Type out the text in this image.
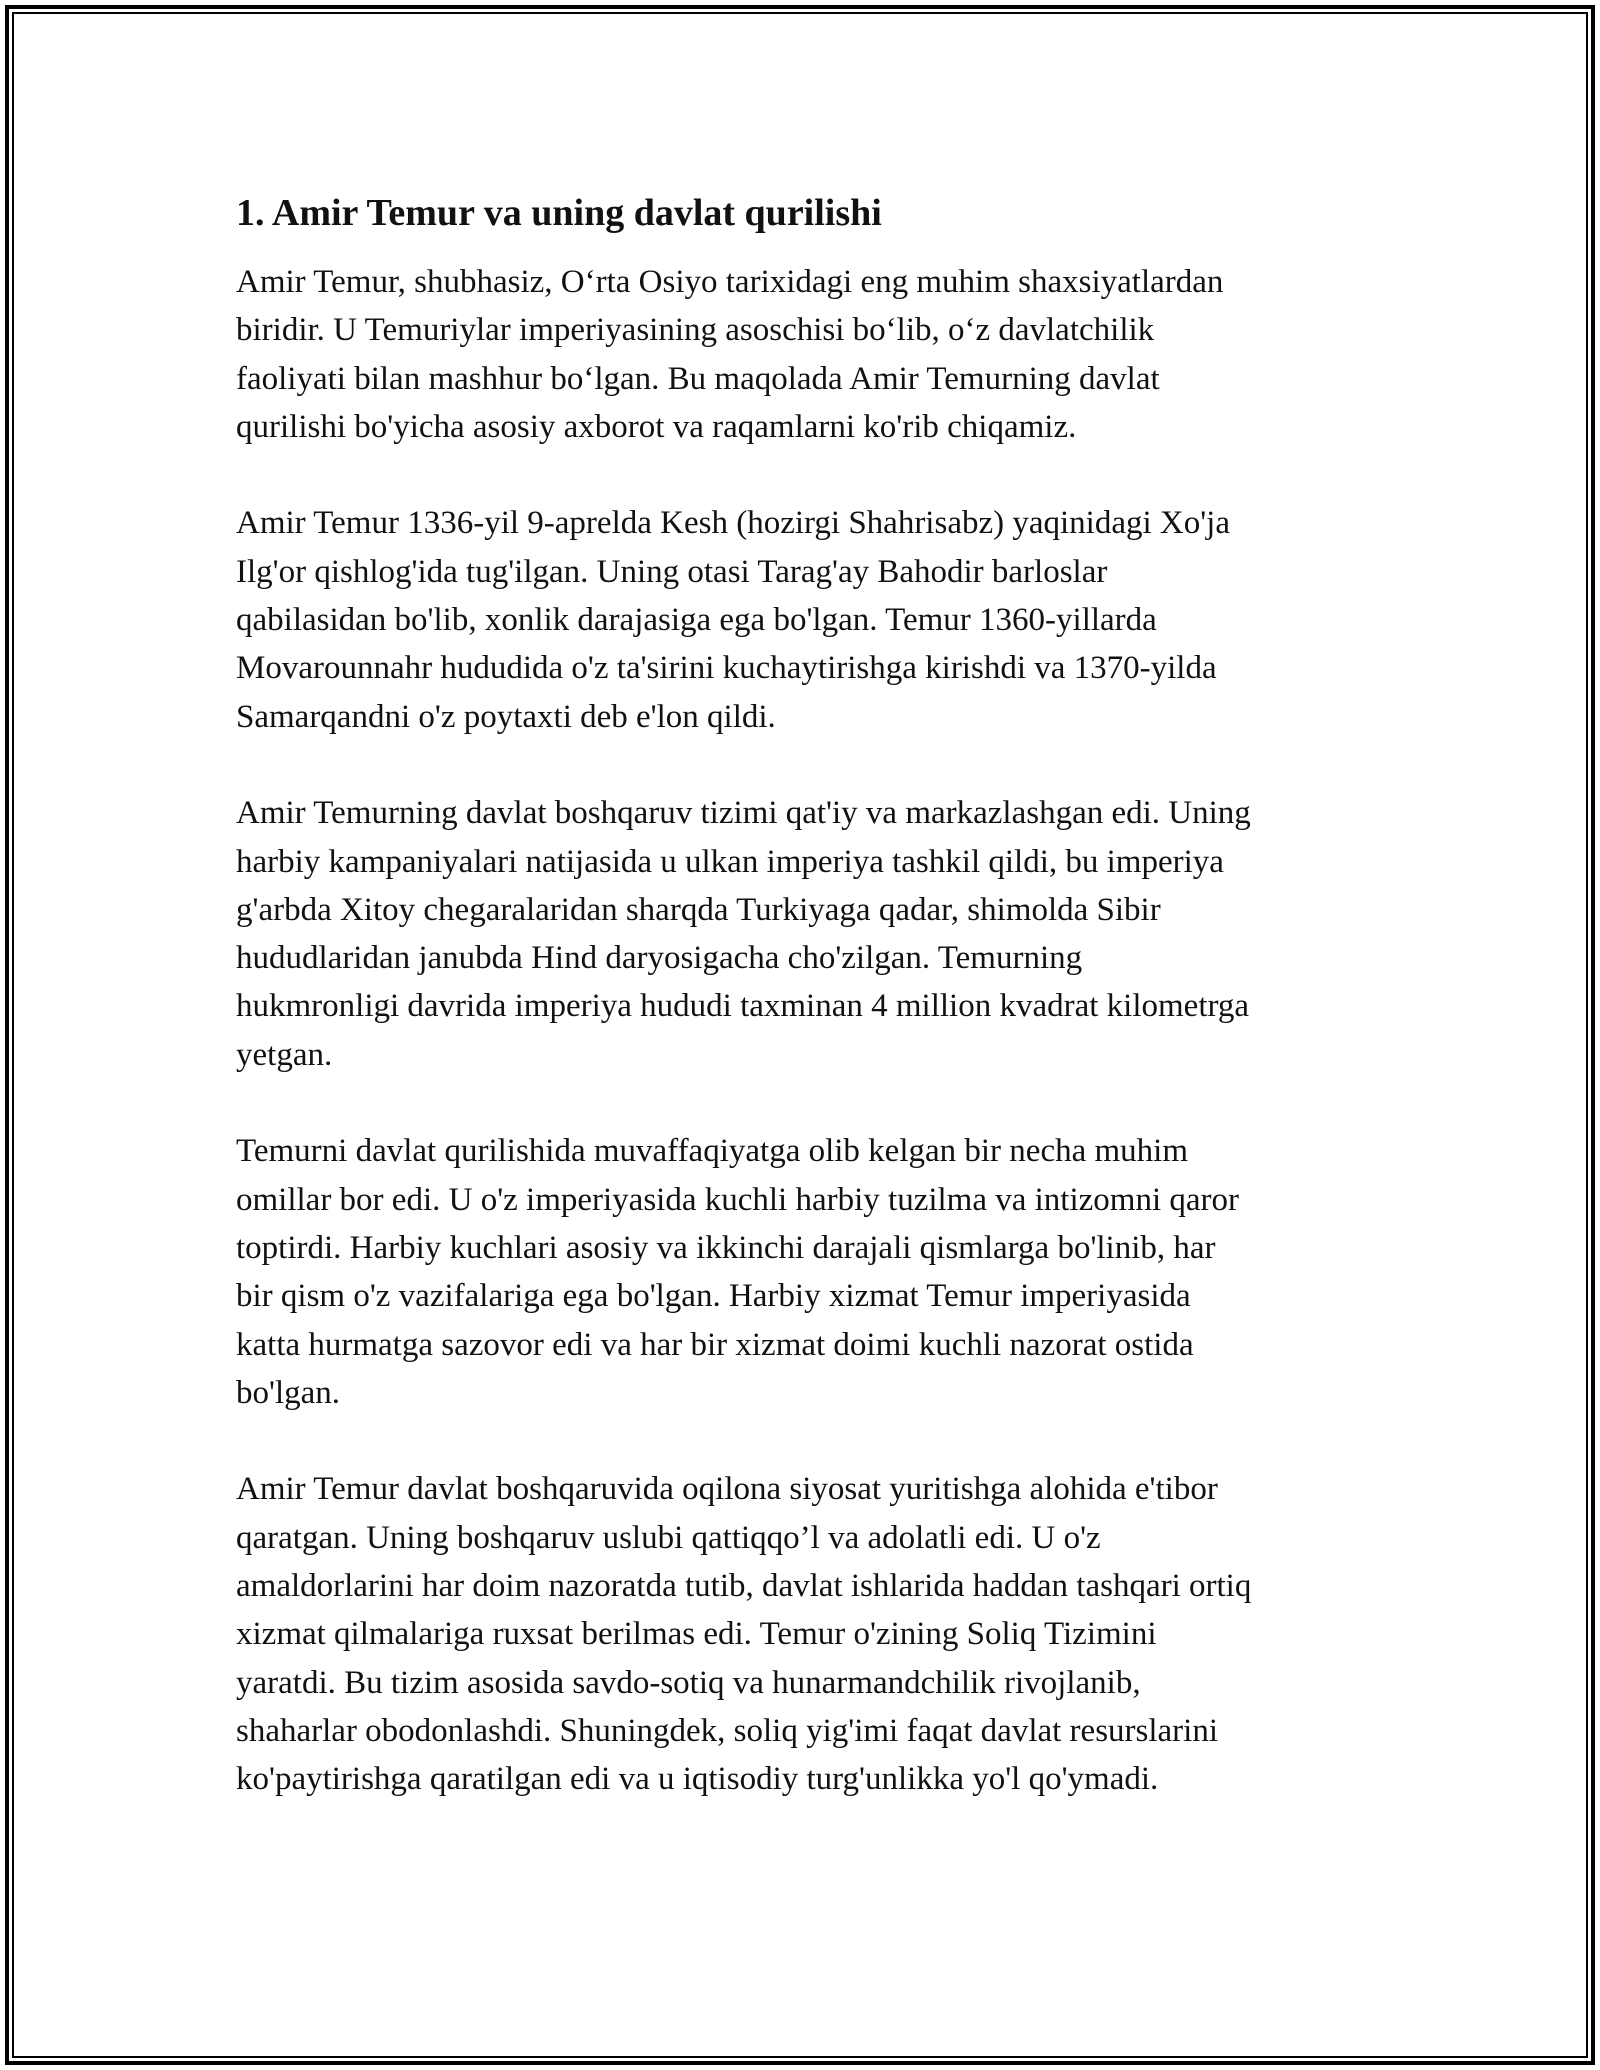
1. Amir Temur va uning davlat qurilishi

Amir Temur, shubhasiz, O‘rta Osiyo tarixidagi eng muhim shaxsiyatlardan
biridir. U Temuriylar imperiyasining asoschisi bo‘lib, o‘z davlatchilik
faoliyati bilan mashhur bo‘lgan. Bu maqolada Amir Temurning davlat
qurilishi bo'yicha asosiy axborot va raqamlarni ko'rib chiqamiz.

Amir Temur 1336-yil 9-aprelda Kesh (hozirgi Shahrisabz) yaqinidagi Xo'ja
Ilg'or qishlog'ida tug'ilgan. Uning otasi Tarag'ay Bahodir barloslar
qabilasidan bo'lib, xonlik darajasiga ega bo'lgan. Temur 1360-yillarda
Movarounnahr hududida o'z ta'sirini kuchaytirishga kirishdi va 1370-yilda
Samarqandni o'z poytaxti deb e'lon qildi.

Amir Temurning davlat boshqaruv tizimi qat'iy va markazlashgan edi. Uning
harbiy kampaniyalari natijasida u ulkan imperiya tashkil qildi, bu imperiya
g'arbda Xitoy chegaralaridan sharqda Turkiyaga qadar, shimolda Sibir
hududlaridan janubda Hind daryosigacha cho'zilgan. Temurning
hukmronligi davrida imperiya hududi taxminan 4 million kvadrat kilometrga
yetgan.

Temurni davlat qurilishida muvaffaqiyatga olib kelgan bir necha muhim
omillar bor edi. U o'z imperiyasida kuchli harbiy tuzilma va intizomni qaror
toptirdi. Harbiy kuchlari asosiy va ikkinchi darajali qismlarga bo'linib, har
bir qism o'z vazifalariga ega bo'lgan. Harbiy xizmat Temur imperiyasida
katta hurmatga sazovor edi va har bir xizmat doimi kuchli nazorat ostida
bo'lgan.

Amir Temur davlat boshqaruvida oqilona siyosat yuritishga alohida e'tibor
qaratgan. Uning boshqaruv uslubi qattiqqo’l va adolatli edi. U o'z
amaldorlarini har doim nazoratda tutib, davlat ishlarida haddan tashqari ortiq
xizmat qilmalariga ruxsat berilmas edi. Temur o'zining Soliq Tizimini
yaratdi. Bu tizim asosida savdo-sotiq va hunarmandchilik rivojlanib,
shaharlar obodonlashdi. Shuningdek, soliq yig'imi faqat davlat resurslarini
ko'paytirishga qaratilgan edi va u iqtisodiy turg'unlikka yo'l qo'ymadi.
